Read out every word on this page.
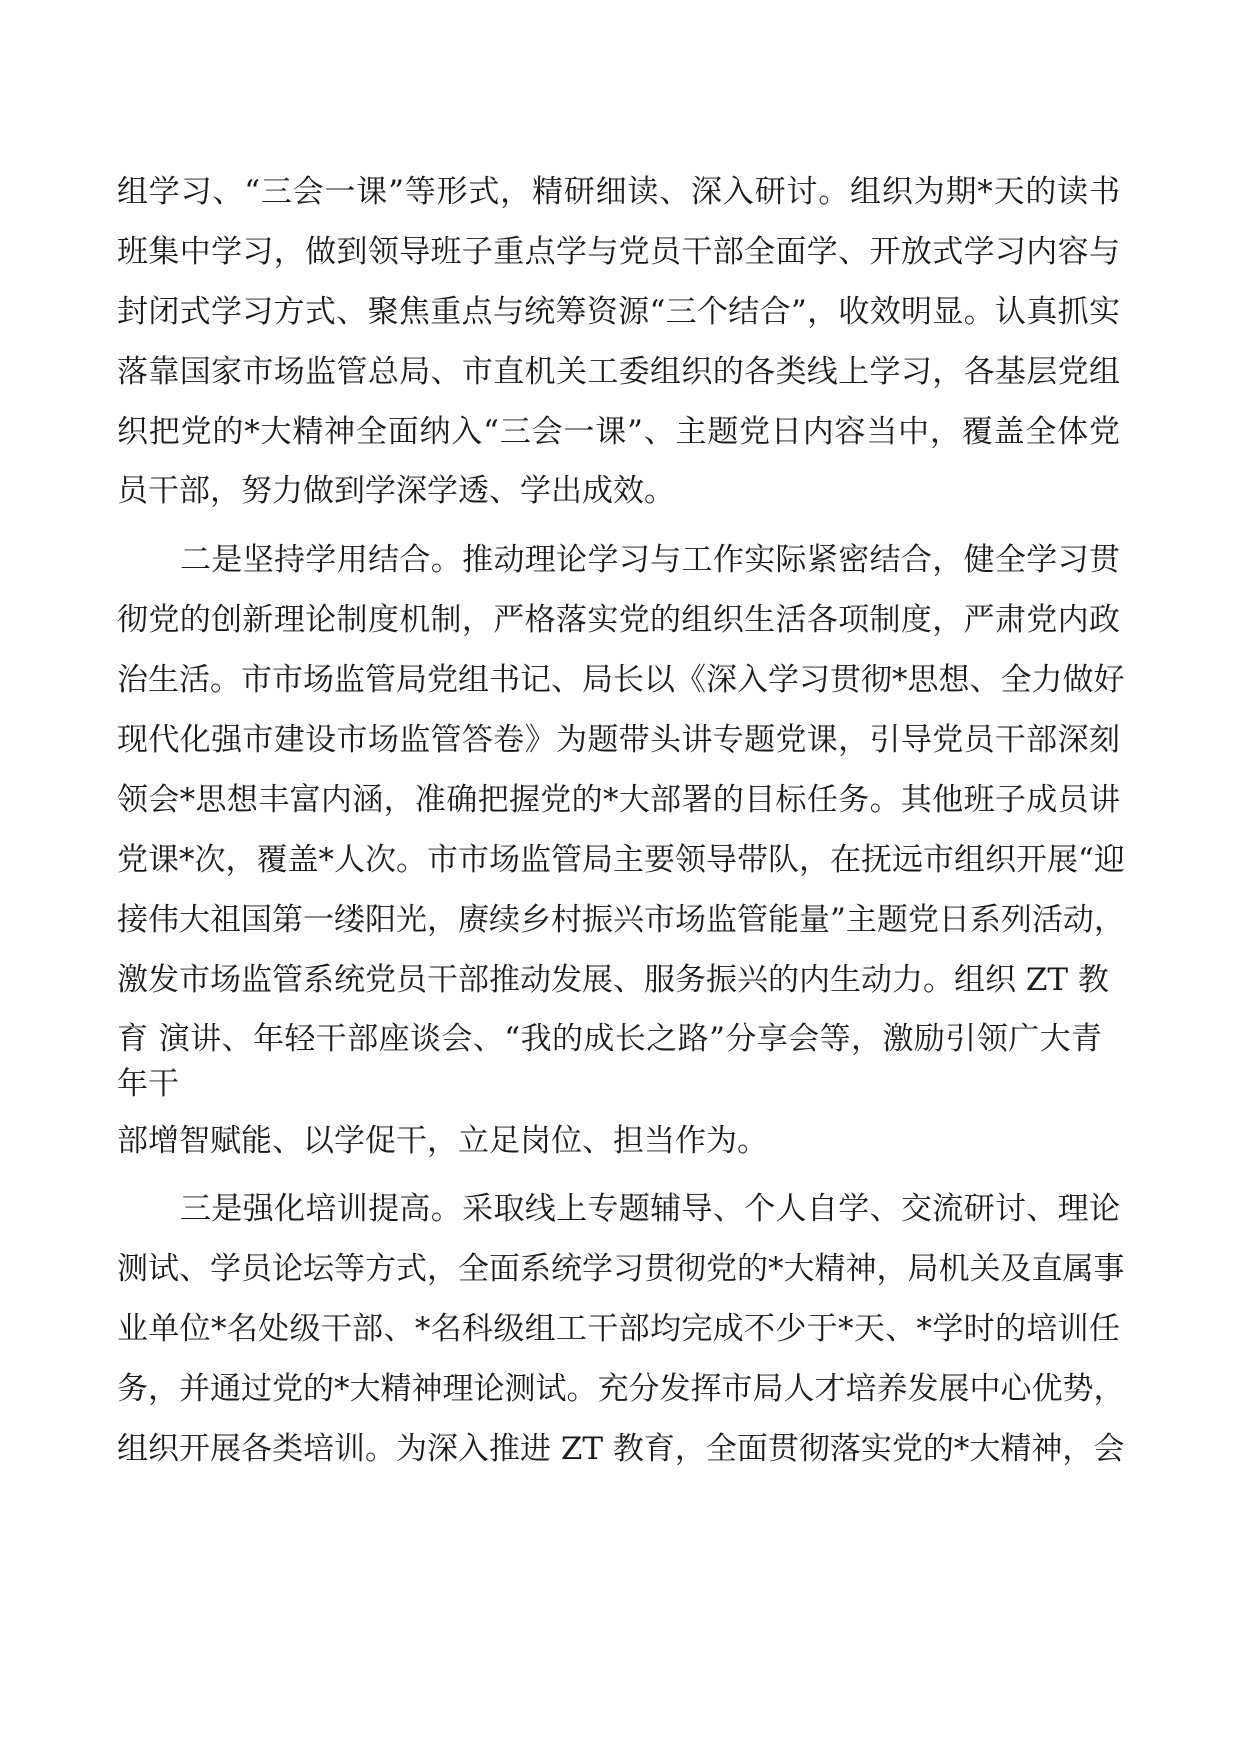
组学习、“三会一课”等形式，精研细读、深入研讨。组织为期*天的读书
班集中学习，做到领导班子重点学与党员干部全面学、开放式学习内容与
封闭式学习方式、聚焦重点与统筹资源“三个结合”，收效明显。认真抓实
落靠国家市场监管总局、市直机关工委组织的各类线上学习，各基层党组
织把党的*大精神全面纳入“三会一课”、主题党日内容当中，覆盖全体党
员干部，努力做到学深学透、学出成效。
二是坚持学用结合。推动理论学习与工作实际紧密结合，健全学习贯
彻党的创新理论制度机制，严格落实党的组织生活各项制度，严肃党内政
治生活。市市场监管局党组书记、局长以《深入学习贯彻*思想、全力做好
现代化强市建设市场监管答卷》为题带头讲专题党课，引导党员干部深刻
领会*思想丰富内涵，准确把握党的*大部署的目标任务。其他班子成员讲
党课*次，覆盖*人次。市市场监管局主要领导带队，在抚远市组织开展“迎
接伟大祖国第一缕阳光，赓续乡村振兴市场监管能量”主题党日系列活动，
激发市场监管系统党员干部推动发展、服务振兴的内生动力。组织 ZT 教
育 演讲、年轻干部座谈会、“我的成长之路”分享会等，激励引领广大青
年干
部增智赋能、以学促干，立足岗位、担当作为。
三是强化培训提高。采取线上专题辅导、个人自学、交流研讨、理论
测试、学员论坛等方式，全面系统学习贯彻党的*大精神，局机关及直属事
业单位*名处级干部、*名科级组工干部均完成不少于*天、*学时的培训任
务，并通过党的*大精神理论测试。充分发挥市局人才培养发展中心优势，
组织开展各类培训。为深入推进 ZT 教育，全面贯彻落实党的*大精神，会
